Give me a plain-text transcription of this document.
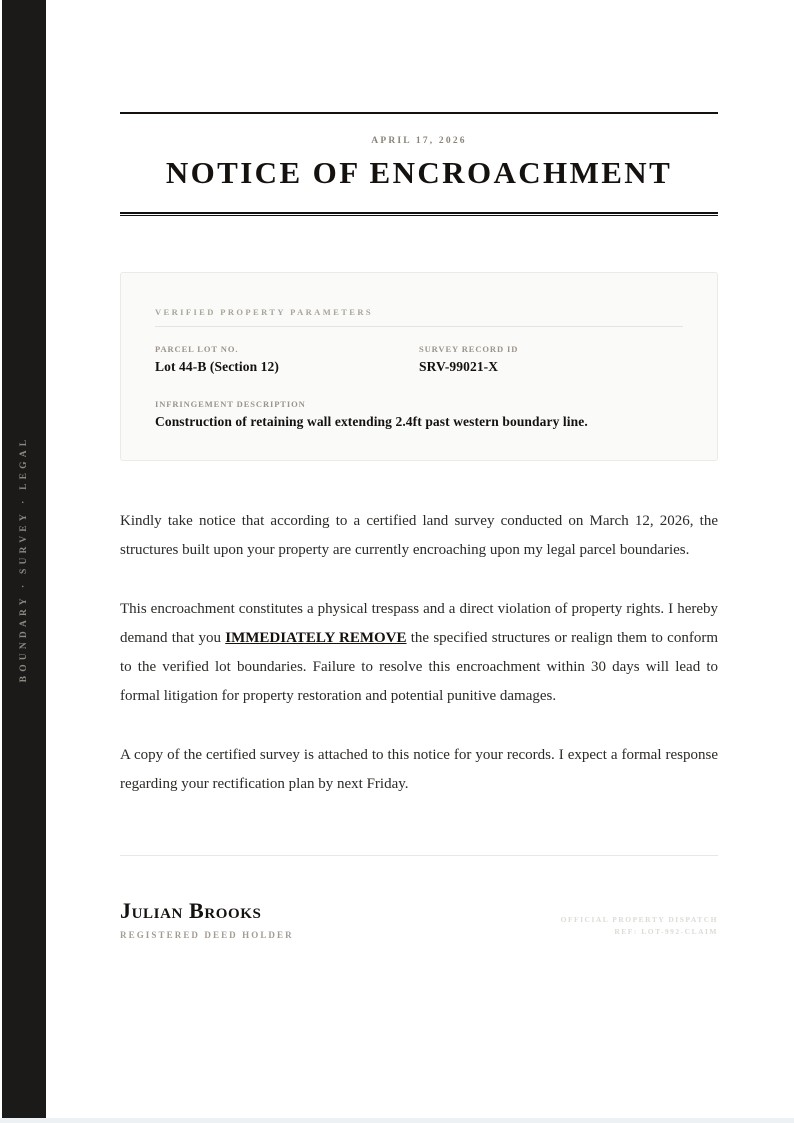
BOUNDARY · SURVEY · LEGAL
APRIL 17, 2026
NOTICE OF ENCROACHMENT
VERIFIED PROPERTY PARAMETERS
PARCEL LOT NO.
Lot 44-B (Section 12)
SURVEY RECORD ID
SRV-99021-X
INFRINGEMENT DESCRIPTION
Construction of retaining wall extending 2.4ft past western boundary line.

Kindly take notice that according to a certified land survey conducted on March 12, 2026, the structures built upon your property are currently encroaching upon my legal parcel boundaries.

This encroachment constitutes a physical trespass and a direct violation of property rights. I hereby demand that you IMMEDIATELY REMOVE the specified structures or realign them to conform to the verified lot boundaries. Failure to resolve this encroachment within 30 days will lead to formal litigation for property restoration and potential punitive damages.

A copy of the certified survey is attached to this notice for your records. I expect a formal response regarding your rectification plan by next Friday.

Julian Brooks
REGISTERED DEED HOLDER
OFFICIAL PROPERTY DISPATCH
REF: LOT-992-CLAIM
